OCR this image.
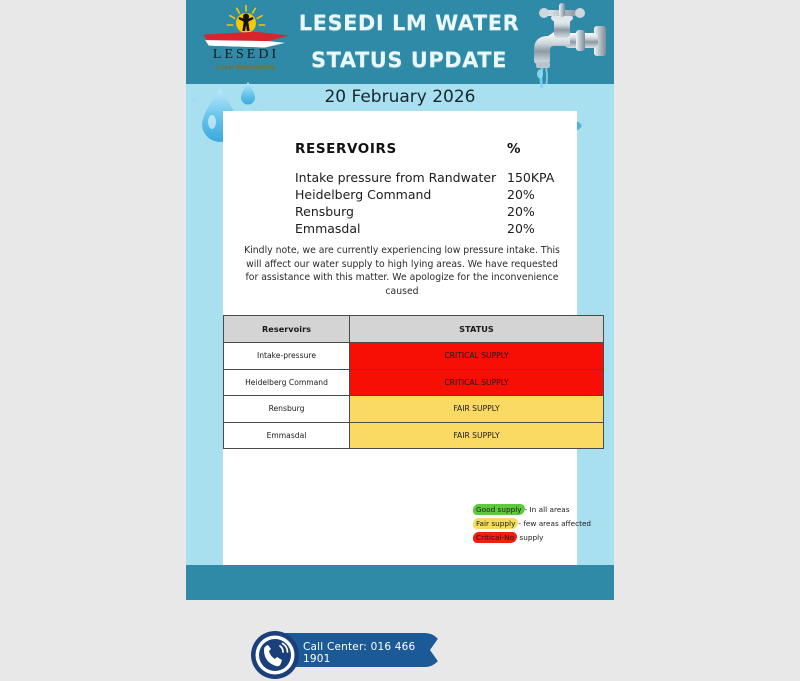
LESEDI
Local Municipality
LESEDI LM WATER
STATUS UPDATE
20 February 2026
RESERVOIRS	%
Intake pressure from Randwater 150KPA
Heidelberg Command	20%
Rensburg	20%
Emmasdal	20%
Kindly note, we are currently experiencing low pressure intake. This will affect our water supply to high lying areas. We have requested for assistance with this matter. We apologize for the inconvenience caused
Reservoirs	STATUS
Intake-pressure	CRITICAL SUPPLY
Heidelberg Command	CRITICAL SUPPLY
Rensburg	FAIR SUPPLY
Emmasdal	FAIR SUPPLY
Good supply - In all areas
Fair supply - few areas affected
Critical-No supply
Call Center: 016 466 1901
